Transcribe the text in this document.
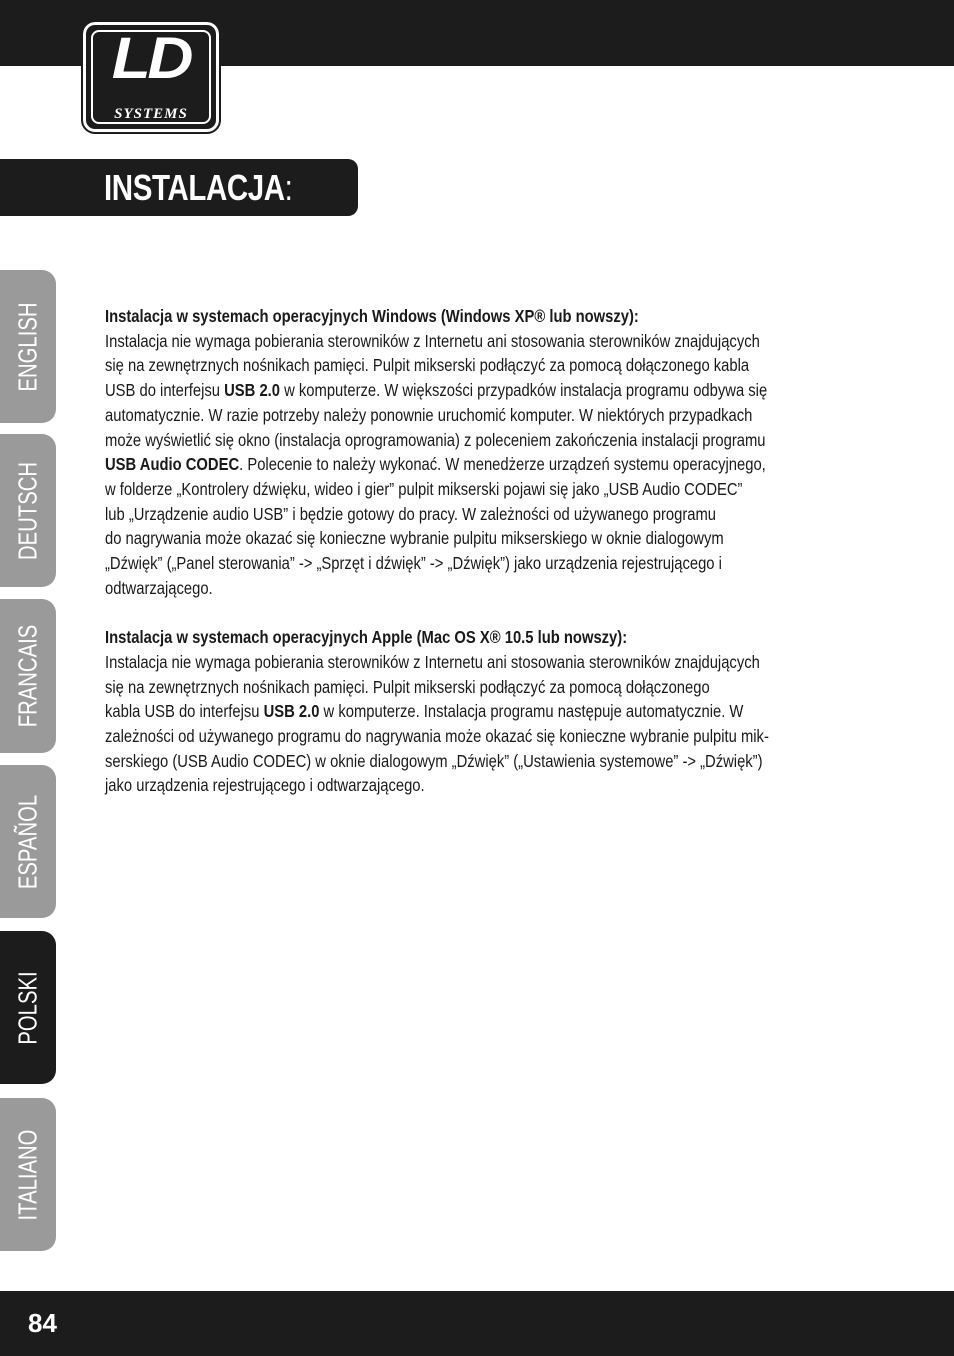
LD
SYSTEMS
INSTALACJA:
ENGLISH
DEUTSCH
FRANCAIS
ESPAÑOL
POLSKI
ITALIANO
Instalacja w systemach operacyjnych Windows (Windows XP® lub nowszy):
Instalacja nie wymaga pobierania sterowników z Internetu ani stosowania sterowników znajdujących
się na zewnętrznych nośnikach pamięci. Pulpit mikserski podłączyć za pomocą dołączonego kabla
USB do interfejsu USB 2.0 w komputerze. W większości przypadków instalacja programu odbywa się
automatycznie. W razie potrzeby należy ponownie uruchomić komputer. W niektórych przypadkach
może wyświetlić się okno (instalacja oprogramowania) z poleceniem zakończenia instalacji programu
USB Audio CODEC. Polecenie to należy wykonać. W menedżerze urządzeń systemu operacyjnego,
w folderze „Kontrolery dźwięku, wideo i gier” pulpit mikserski pojawi się jako „USB Audio CODEC”
lub „Urządzenie audio USB” i będzie gotowy do pracy. W zależności od używanego programu
do nagrywania może okazać się konieczne wybranie pulpitu mikserskiego w oknie dialogowym
„Dźwięk” („Panel sterowania” -> „Sprzęt i dźwięk” -> „Dźwięk”) jako urządzenia rejestrującego i
odtwarzającego.
Instalacja w systemach operacyjnych Apple (Mac OS X® 10.5 lub nowszy):
Instalacja nie wymaga pobierania sterowników z Internetu ani stosowania sterowników znajdujących
się na zewnętrznych nośnikach pamięci. Pulpit mikserski podłączyć za pomocą dołączonego
kabla USB do interfejsu USB 2.0 w komputerze. Instalacja programu następuje automatycznie. W
zależności od używanego programu do nagrywania może okazać się konieczne wybranie pulpitu mik-
serskiego (USB Audio CODEC) w oknie dialogowym „Dźwięk” („Ustawienia systemowe” -> „Dźwięk”)
jako urządzenia rejestrującego i odtwarzającego.
84
